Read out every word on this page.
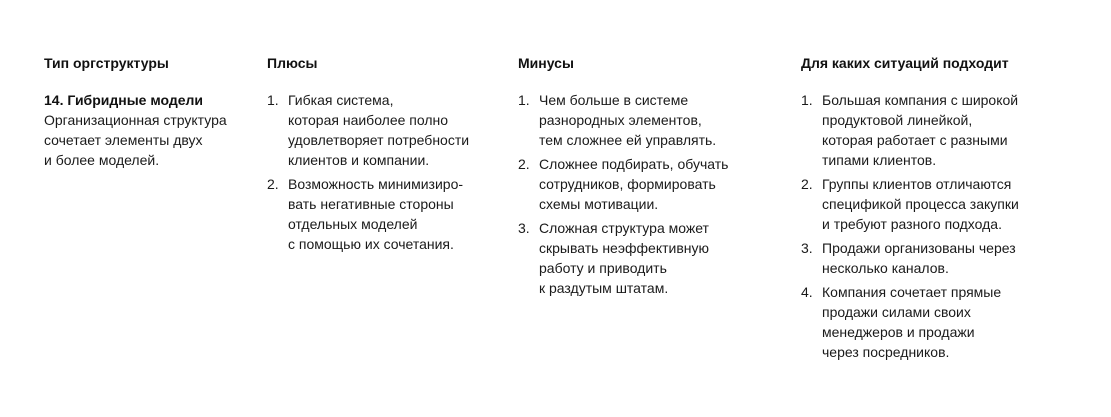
Тип оргструктуры
14. Гибридные модели
Организационная структура
сочетает элементы двух
и более моделей.
Плюсы
1. Гибкая система,
которая наиболее полно
удовлетворяет потребности
клиентов и компании.
2. Возможность минимизиро-
вать негативные стороны
отдельных моделей
с помощью их сочетания.
Минусы
1. Чем больше в системе
разнородных элементов,
тем сложнее ей управлять.
2. Сложнее подбирать, обучать
сотрудников, формировать
схемы мотивации.
3. Сложная структура может
скрывать неэффективную
работу и приводить
к раздутым штатам.
Для каких ситуаций подходит
1. Большая компания с широкой
продуктовой линейкой,
которая работает с разными
типами клиентов.
2. Группы клиентов отличаются
спецификой процесса закупки
и требуют разного подхода.
3. Продажи организованы через
несколько каналов.
4. Компания сочетает прямые
продажи силами своих
менеджеров и продажи
через посредников.
